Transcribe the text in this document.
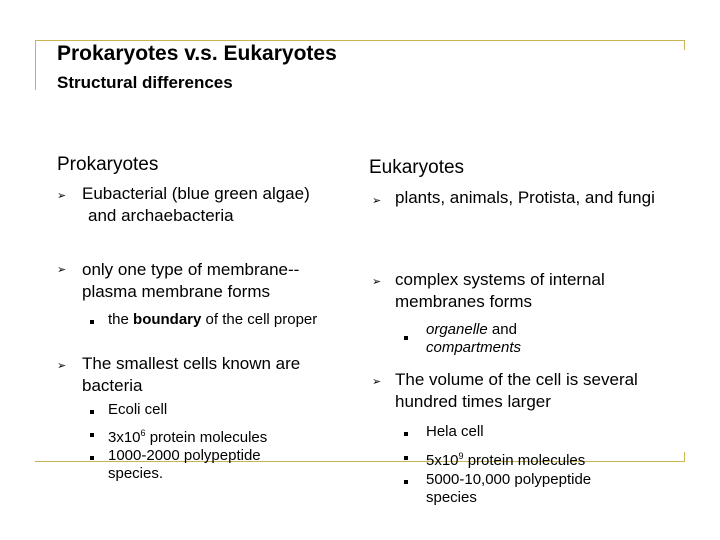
Prokaryotes v.s. Eukaryotes
Structural differences
Prokaryotes
➢ Eubacterial (blue green algae)
and archaebacteria
➢ only one type of membrane--plasma membrane forms
the boundary of the cell proper
➢ The smallest cells known are bacteria
Ecoli cell
$3x10^6$ protein molecules
1000-2000 polypeptide species.
Eukaryotes
➢ plants, animals, Protista, and fungi
➢ complex systems of internal membranes forms
organelle and compartments
➢ The volume of the cell is several hundred times larger
Hela cell
$5x10^9$ protein molecules
5000-10,000 polypeptide species
